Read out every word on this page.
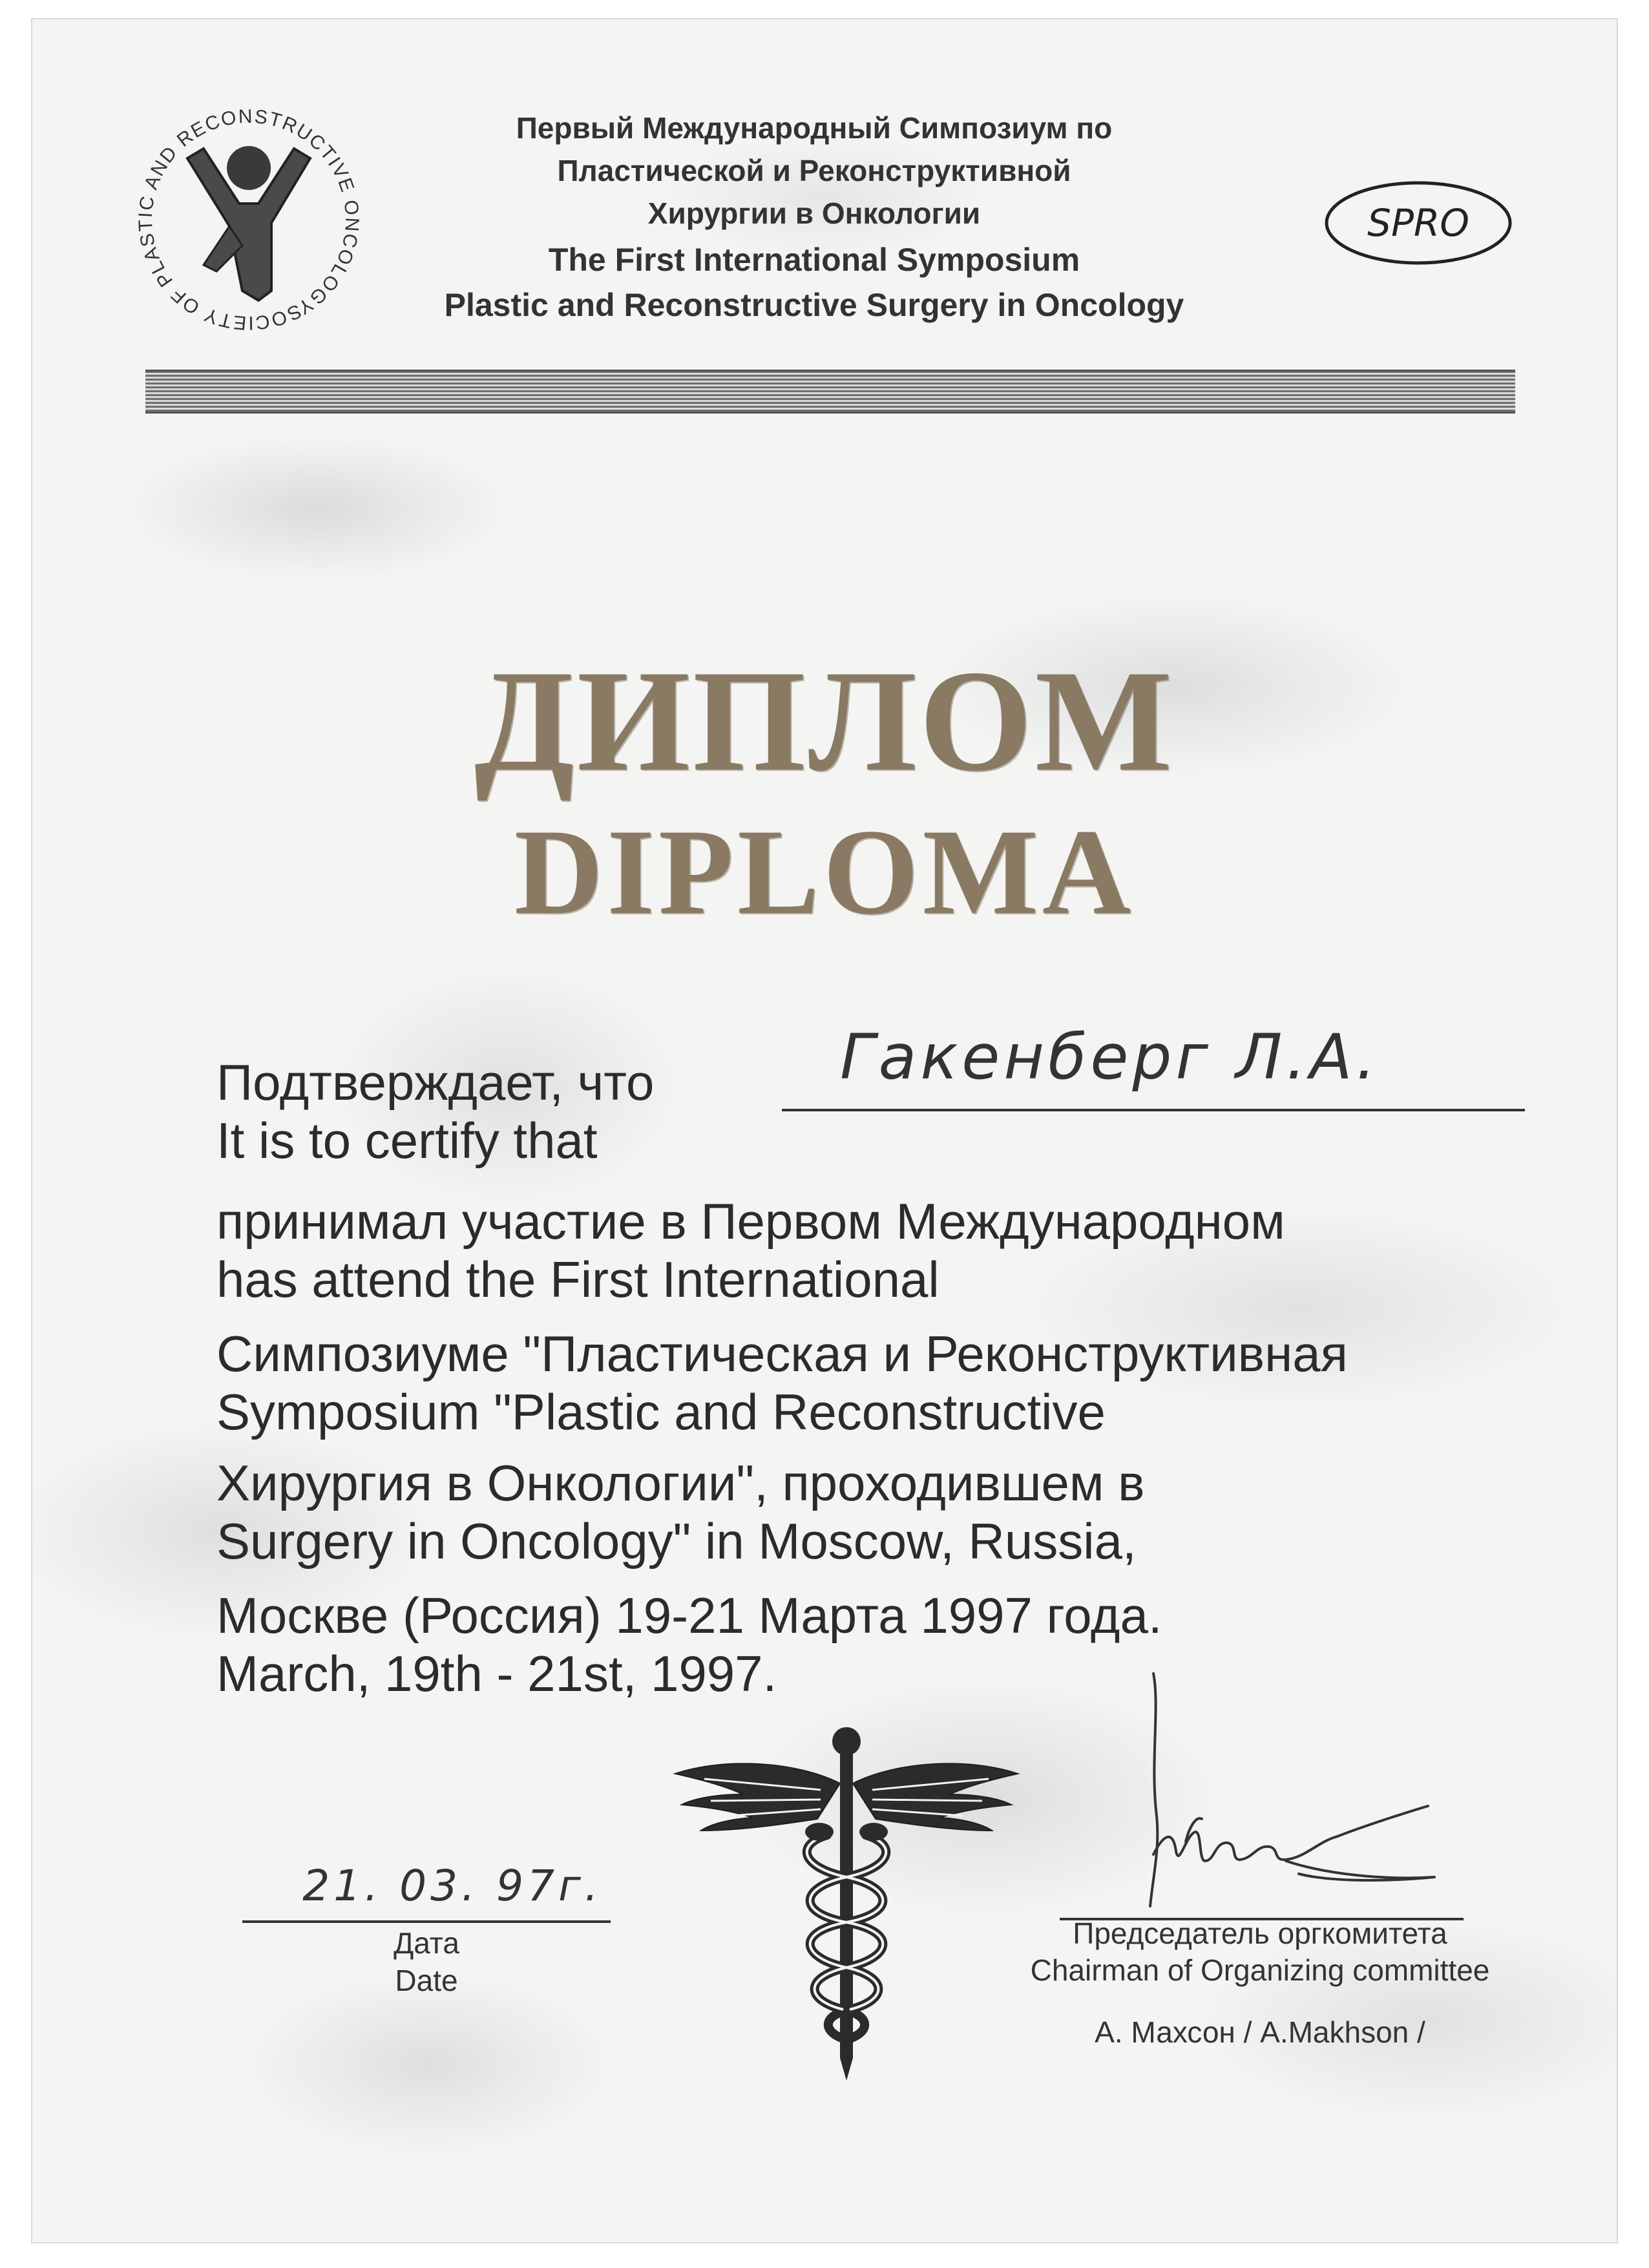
SOCIETY OF PLASTIC AND RECONSTRUCTIVE ONCOLOGY
Первый Международный Симпозиум по
Пластической и Реконструктивной
Хирургии в Онкологии
The First International Symposium
Plastic and Reconstructive Surgery in Oncology
SPRO
ДИПЛОМ
DIPLOMA
Подтверждает, что
It is to certify that
Гакенберг Л.А.
принимал участие в Первом Международном
has attend the First International
Симпозиуме "Пластическая и Реконструктивная
Symposium "Plastic and Reconstructive
Хирургия в Онкологии", проходившем в
Surgery in Oncology" in Moscow, Russia,
Москве (Россия) 19-21 Марта 1997 года.
March, 19th - 21st, 1997.
21. 03. 97г.
Дата
Date
Председатель оргкомитета
Chairman of Organizing committee
А. Махсон / A.Makhson /
